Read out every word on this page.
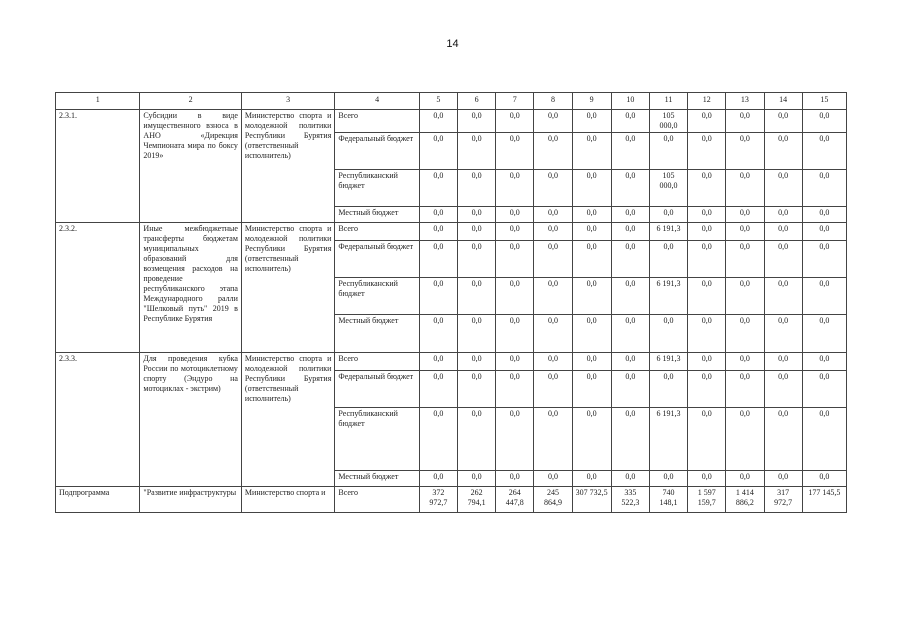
14
1	2	3	4	5	6	7	8	9	10	11	12	13	14	15
2.3.1.	Субсидии в виде имущественного взноса в АНО «Дирекция Чемпионата мира по боксу 2019»	Министерство спорта и молодежной политики Республики Бурятия (ответственный исполнитель)	Всего	0,0	0,0	0,0	0,0	0,0	0,0	105 000,0	0,0	0,0	0,0	0,0
			Федеральный бюджет	0,0	0,0	0,0	0,0	0,0	0,0	0,0	0,0	0,0	0,0	0,0
			Республиканский бюджет	0,0	0,0	0,0	0,0	0,0	0,0	105 000,0	0,0	0,0	0,0	0,0
			Местный бюджет	0,0	0,0	0,0	0,0	0,0	0,0	0,0	0,0	0,0	0,0	0,0
2.3.2.	Иные межбюджетные трансферты бюджетам муниципальных образований для возмещения расходов на проведение республиканского этапа Международного ралли "Шелковый путь" 2019 в Республике Бурятия	Министерство спорта и молодежной политики Республики Бурятия (ответственный исполнитель)	Всего	0,0	0,0	0,0	0,0	0,0	0,0	6 191,3	0,0	0,0	0,0	0,0
			Федеральный бюджет	0,0	0,0	0,0	0,0	0,0	0,0	0,0	0,0	0,0	0,0	0,0
			Республиканский бюджет	0,0	0,0	0,0	0,0	0,0	0,0	6 191,3	0,0	0,0	0,0	0,0
			Местный бюджет	0,0	0,0	0,0	0,0	0,0	0,0	0,0	0,0	0,0	0,0	0,0
2.3.3.	Для проведения кубка России по мотоциклетному спорту (Эндуро на мотоциклах - экстрим)	Министерство спорта и молодежной политики Республики Бурятия (ответственный исполнитель)	Всего	0,0	0,0	0,0	0,0	0,0	0,0	6 191,3	0,0	0,0	0,0	0,0
			Федеральный бюджет	0,0	0,0	0,0	0,0	0,0	0,0	0,0	0,0	0,0	0,0	0,0
			Республиканский бюджет	0,0	0,0	0,0	0,0	0,0	0,0	6 191,3	0,0	0,0	0,0	0,0
			Местный бюджет	0,0	0,0	0,0	0,0	0,0	0,0	0,0	0,0	0,0	0,0	0,0
Подпрограмма	"Развитие инфраструктуры	Министерство спорта и	Всего	372 972,7	262 794,1	264 447,8	245 864,9	307 732,5	335 522,3	740 148,1	1 597 159,7	1 414 886,2	317 972,7	177 145,5
